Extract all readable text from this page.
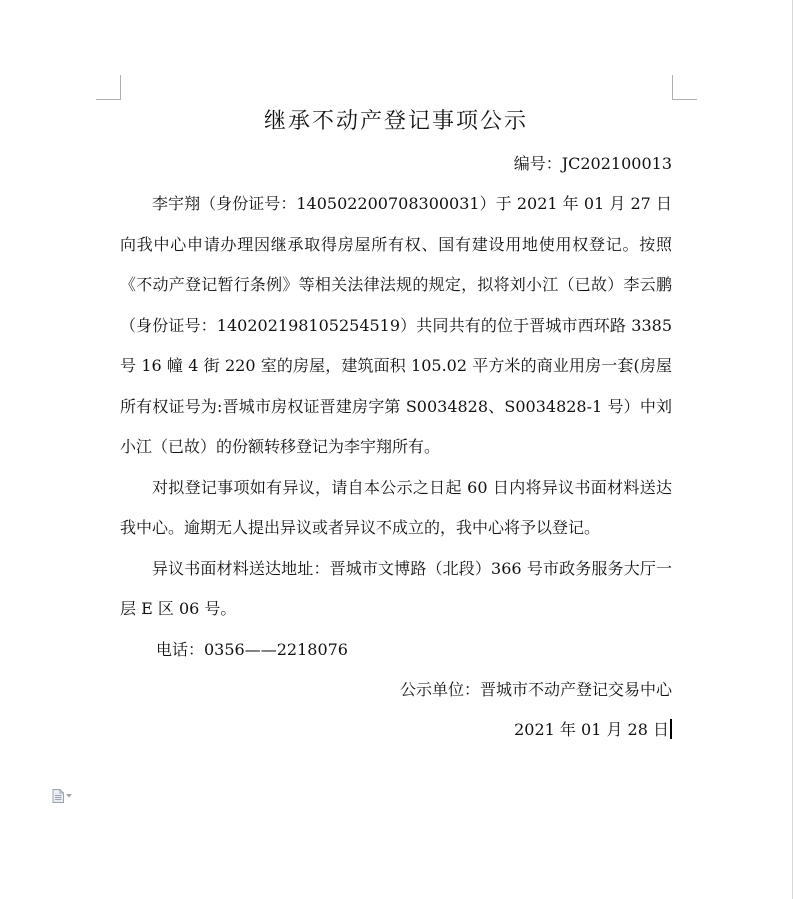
继承不动产登记事项公示
编号：JC202100013

李宇翔（身份证号：140502200708300031）于 2021 年 01 月 27 日向我中心申请办理因继承取得房屋所有权、国有建设用地使用权登记。按照《不动产登记暂行条例》等相关法律法规的规定，拟将刘小江（已故）李云鹏（身份证号：140202198105254519）共同共有的位于晋城市西环路 3385 号 16 幢 4 街 220 室的房屋，建筑面积 105.02 平方米的商业用房一套(房屋所有权证号为:晋城市房权证晋建房字第 S0034828、S0034828-1 号）中刘小江（已故）的份额转移登记为李宇翔所有。

对拟登记事项如有异议，请自本公示之日起 60 日内将异议书面材料送达我中心。逾期无人提出异议或者异议不成立的，我中心将予以登记。

异议书面材料送达地址：晋城市文博路（北段）366 号市政务服务大厅一层 E 区 06 号。

电话：0356——2218076
公示单位：晋城市不动产登记交易中心
2021 年 01 月 28 日
